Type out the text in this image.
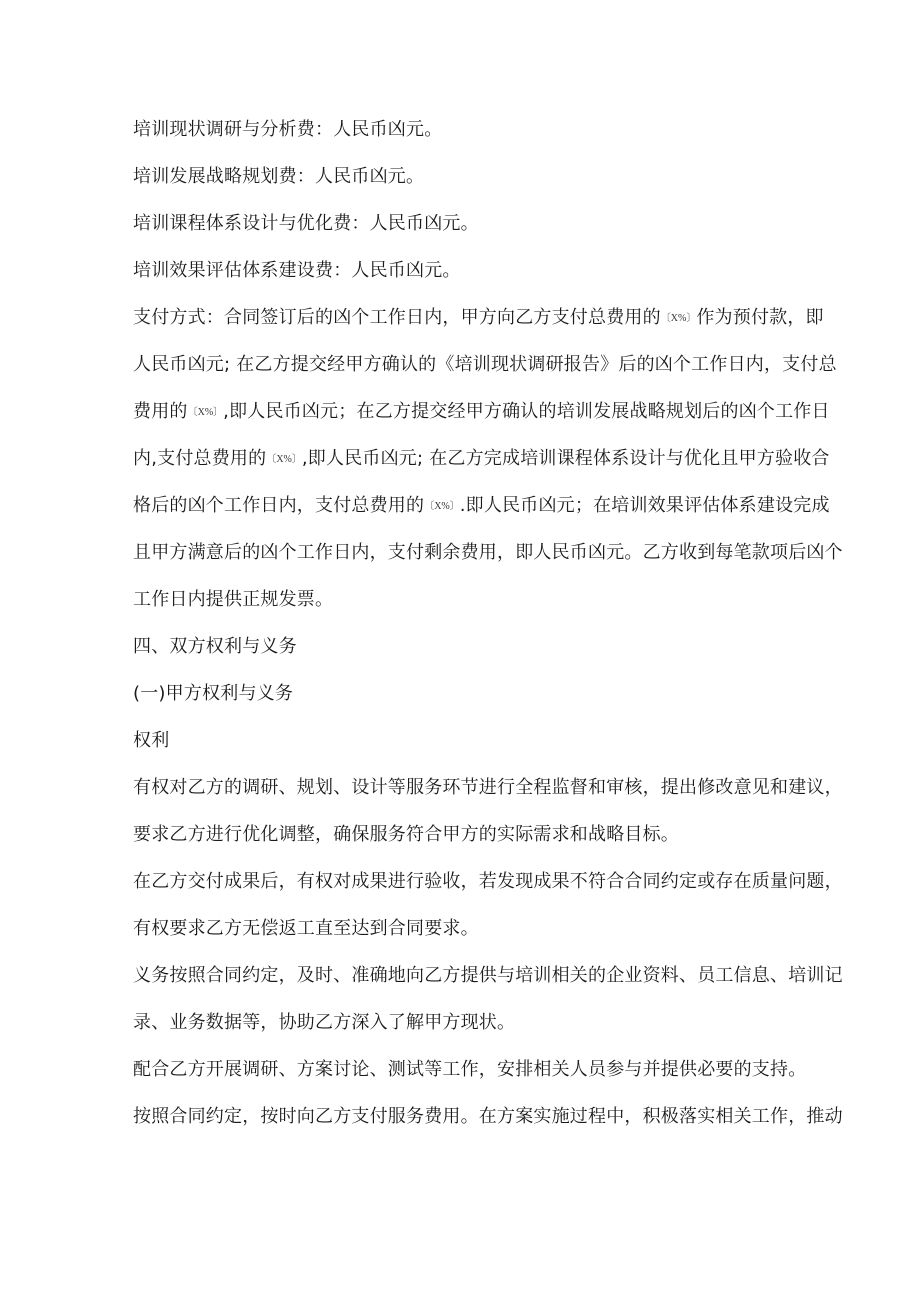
培训现状调研与分析费：人民币凶元。
培训发展战略规划费：人民币凶元。
培训课程体系设计与优化费：人民币凶元。
培训效果评估体系建设费：人民币凶元。
支付方式：合同签订后的凶个工作日内，甲方向乙方支付总费用的〔X%〕作为预付款，即
人民币凶元; 在乙方提交经甲方确认的《培训现状调研报告》后的凶个工作日内，支付总
费用的〔X%〕,即人民币凶元；在乙方提交经甲方确认的培训发展战略规划后的凶个工作日
内,支付总费用的〔X%〕,即人民币凶元; 在乙方完成培训课程体系设计与优化且甲方验收合
格后的凶个工作日内，支付总费用的〔X%〕.即人民币凶元；在培训效果评估体系建设完成
且甲方满意后的凶个工作日内，支付剩余费用，即人民币凶元。乙方收到每笔款项后凶个
工作日内提供正规发票。
四、双方权利与义务
(一)甲方权利与义务
权利
有权对乙方的调研、规划、设计等服务环节进行全程监督和审核，提出修改意见和建议，
要求乙方进行优化调整，确保服务符合甲方的实际需求和战略目标。
在乙方交付成果后，有权对成果进行验收，若发现成果不符合合同约定或存在质量问题，
有权要求乙方无偿返工直至达到合同要求。
义务按照合同约定，及时、准确地向乙方提供与培训相关的企业资料、员工信息、培训记
录、业务数据等，协助乙方深入了解甲方现状。
配合乙方开展调研、方案讨论、测试等工作，安排相关人员参与并提供必要的支持。
按照合同约定，按时向乙方支付服务费用。在方案实施过程中，积极落实相关工作，推动
